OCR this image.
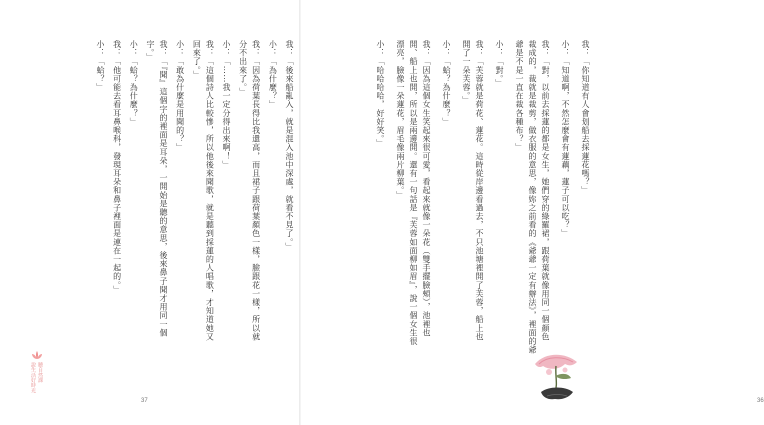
我：「後來船亂入，就是混入池中深處，就看不見了。」

小：「為什麼？」

我：「因為荷葉長得比我還高，而且裙子跟荷葉顏色一樣，臉跟花一樣，所以就

分不出來了。」

小：「……我一定分得出來啊！」

我：「這個詩人比較慘，所以他後來聞歌，就是聽到採蓮的人唱歌，才知道她又

回來了。」

小：「敢為什麼是用聞的？」

我：「『聞』這個字的裡面是耳朵，一開始是聽的意思，後來鼻子聞才用同一個

字。」

小：「蛤？為什麼？」

我：「他可能去看耳鼻喉科，發現耳朵和鼻子裡面是連在一起的。」

小：「蛤？」

聽自然課

說生活好時光

37

我：「你知道有人會划船去採蓮花嗎？」

小：「知道啊，不然怎麼會有蓮藕，蓮子可以吃？」

我：「對，以前去採蓮的都是女生，她們穿的綠羅裙，跟荷葉就像用同一個顏色

裁成的，裁就是裁剪，做衣服的意思，像妳之前看的《爺爺一定有辦法》，裡面的爺

爺是不是一直在裁各種布？」

小：「對。」

我：「芙蓉就是荷花、蓮花。這時從岸邊看過去，不只池塘裡開了芙蓉，船上也

開了一朵芙蓉。」

小：「蛤？為什麼？」

我：「因為這個女生笑起來很可愛，看起來就像一朵花（雙手擺臉頰），池裡也

開、船上也開，所以是兩邊開。還有一句話是『芙蓉如面柳如眉』，說一個女生很

漂亮，臉像一朵蓮花，眉毛像兩片柳葉。」

小：「哈哈哈哈，好好笑。」

36
